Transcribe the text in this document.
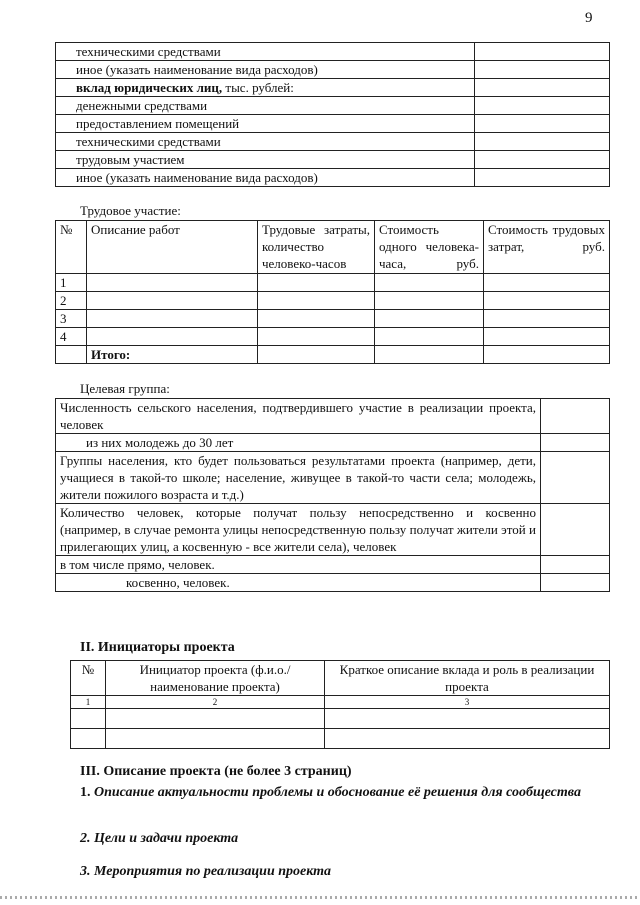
9
техническими средствами	
иное (указать наименование вида расходов)	
вклад юридических лиц, тыс. рублей:	
денежными средствами	
предоставлением помещений	
техническими средствами	
трудовым участием	
иное (указать наименование вида расходов)	
Трудовое участие:
№	Описание работ	Трудовые затраты, количество человеко-часов	Стоимость одного человека-часа, руб.	Стоимость трудовых затрат, руб.
1				
2				
3				
4				
	Итого:			
Целевая группа:
Численность сельского населения, подтвердившего участие в реализации проекта, человек	
из них молодежь до 30 лет	
Группы населения, кто будет пользоваться результатами проекта (например, дети, учащиеся в такой-то школе; население, живущее в такой-то части села; молодежь, жители пожилого возраста и т.д.)	
Количество человек, которые получат пользу непосредственно и косвенно (например, в случае ремонта улицы непосредственную пользу получат жители этой и прилегающих улиц, а косвенную - все жители села), человек	
в том числе прямо, человек.	
косвенно, человек.	
II. Инициаторы проекта
№	Инициатор проекта (ф.и.о./наименование проекта)	Краткое описание вклада и роль в реализации проекта
1	2	3

III. Описание проекта (не более 3 страниц)
1. Описание актуальности проблемы и обоснование её решения для сообщества
2. Цели и задачи проекта
3. Мероприятия по реализации проекта
